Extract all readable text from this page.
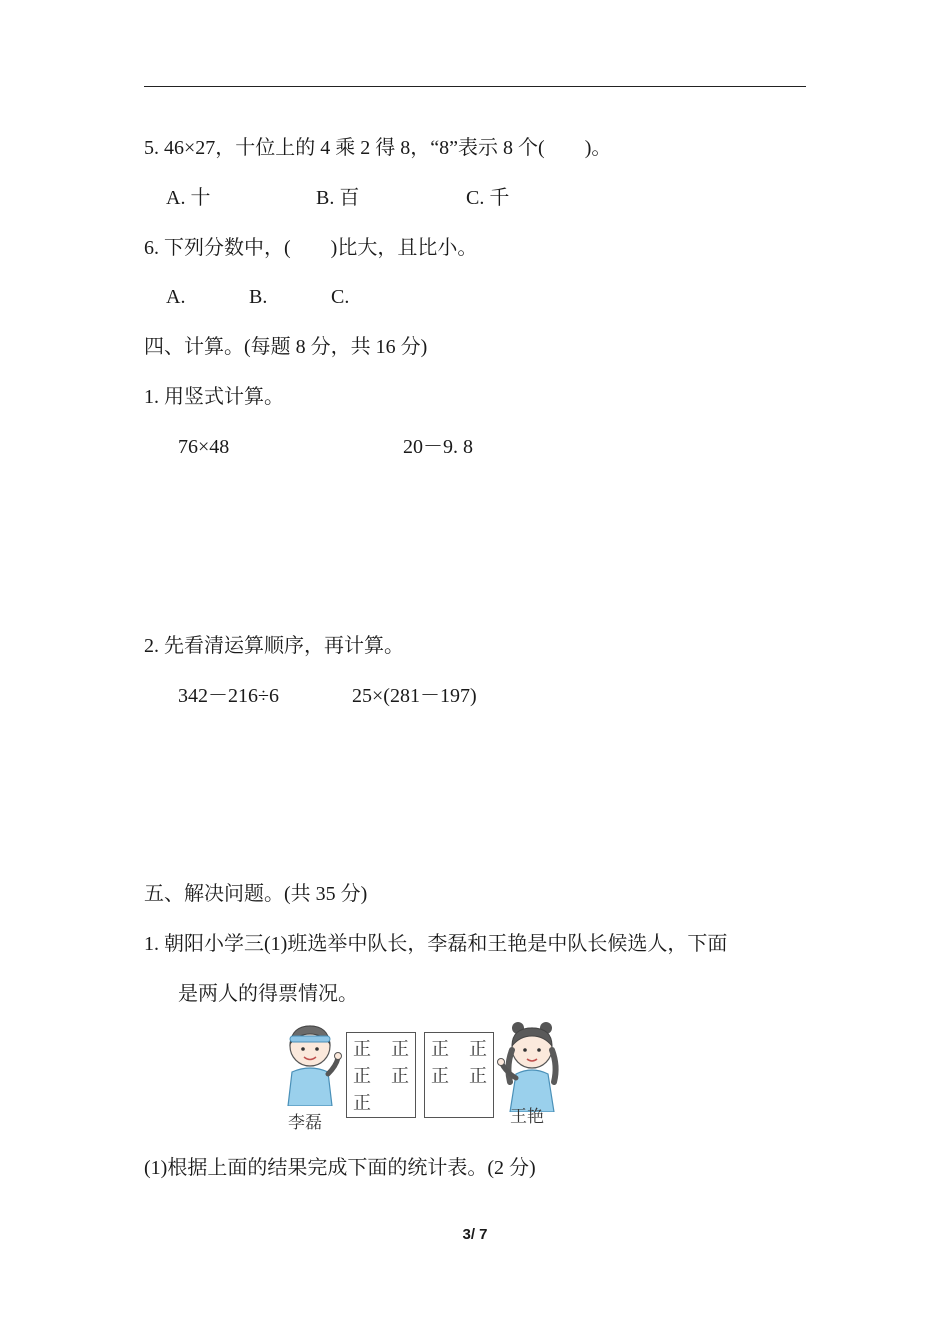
5. 46×27，十位上的 4 乘 2 得 8，“8”表示 8 个(　　)。
A. 十	B. 百	C. 千
6. 下列分数中，(　　)比大，且比小。
A.	B.	C.
四、计算。(每题 8 分，共 16 分)
1. 用竖式计算。
76×48	20－9. 8
2. 先看清运算顺序，再计算。
342－216÷6	25×(281－197)
五、解决问题。(共 35 分)
1. 朝阳小学三(1)班选举中队长，李磊和王艳是中队长候选人，下面
是两人的得票情况。
李磊
正 正
正 正
正
正 正
正 正
王艳
(1)根据上面的结果完成下面的统计表。(2 分)
3/ 7
